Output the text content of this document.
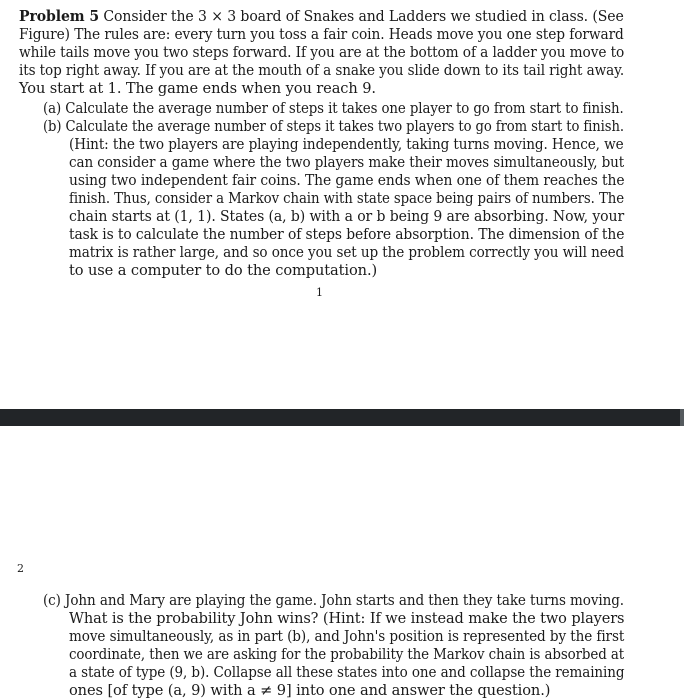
Problem 5 Consider the 3 × 3 board of Snakes and Ladders we studied in class. (See
Figure) The rules are: every turn you toss a fair coin. Heads move you one step forward
while tails move you two steps forward. If you are at the bottom of a ladder you move to
its top right away. If you are at the mouth of a snake you slide down to its tail right away.
You start at 1. The game ends when you reach 9.
(a) Calculate the average number of steps it takes one player to go from start to finish.
(b) Calculate the average number of steps it takes two players to go from start to finish.
(Hint: the two players are playing independently, taking turns moving. Hence, we
can consider a game where the two players make their moves simultaneously, but
using two independent fair coins. The game ends when one of them reaches the
finish. Thus, consider a Markov chain with state space being pairs of numbers. The
chain starts at (1, 1). States (a, b) with a or b being 9 are absorbing. Now, your
task is to calculate the number of steps before absorption. The dimension of the
matrix is rather large, and so once you set up the problem correctly you will need
to use a computer to do the computation.)
1
2
(c) John and Mary are playing the game. John starts and then they take turns moving.
What is the probability John wins? (Hint: If we instead make the two players
move simultaneously, as in part (b), and John's position is represented by the first
coordinate, then we are asking for the probability the Markov chain is absorbed at
a state of type (9, b). Collapse all these states into one and collapse the remaining
ones [of type (a, 9) with a ≠ 9] into one and answer the question.)
